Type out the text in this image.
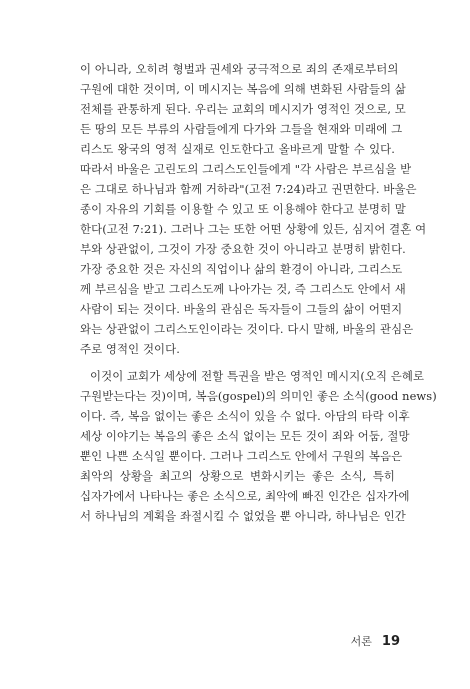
이 아니라, 오히려 형벌과 권세와 궁극적으로 죄의 존재로부터의
구원에 대한 것이며, 이 메시지는 복음에 의해 변화된 사람들의 삶
전체를 관통하게 된다. 우리는 교회의 메시지가 영적인 것으로, 모
든 땅의 모든 부류의 사람들에게 다가와 그들을 현재와 미래에 그
리스도 왕국의 영적 실재로 인도한다고 올바르게 말할 수 있다.
따라서 바울은 고린도의 그리스도인들에게 "각 사람은 부르심을 받
은 그대로 하나님과 함께 거하라"(고전 7:24)라고 권면한다. 바울은
종이 자유의 기회를 이용할 수 있고 또 이용해야 한다고 분명히 말
한다(고전 7:21). 그러나 그는 또한 어떤 상황에 있든, 심지어 결혼 여
부와 상관없이, 그것이 가장 중요한 것이 아니라고 분명히 밝힌다.
가장 중요한 것은 자신의 직업이나 삶의 환경이 아니라, 그리스도
께 부르심을 받고 그리스도께 나아가는 것, 즉 그리스도 안에서 새
사람이 되는 것이다. 바울의 관심은 독자들이 그들의 삶이 어떤지
와는 상관없이 그리스도인이라는 것이다. 다시 말해, 바울의 관심은
주로 영적인 것이다.
이것이 교회가 세상에 전할 특권을 받은 영적인 메시지(오직 은혜로
구원받는다는 것)이며, 복음(gospel)의 의미인 좋은 소식(good news)
이다. 즉, 복음 없이는 좋은 소식이 있을 수 없다. 아담의 타락 이후
세상 이야기는 복음의 좋은 소식 없이는 모든 것이 죄와 어둠, 절망
뿐인 나쁜 소식일 뿐이다. 그러나 그리스도 안에서 구원의 복음은
최악의 상황을 최고의 상황으로 변화시키는 좋은 소식, 특히
십자가에서 나타나는 좋은 소식으로, 최악에 빠진 인간은 십자가에
서 하나님의 계획을 좌절시킬 수 없었을 뿐 아니라, 하나님은 인간
서론 19
